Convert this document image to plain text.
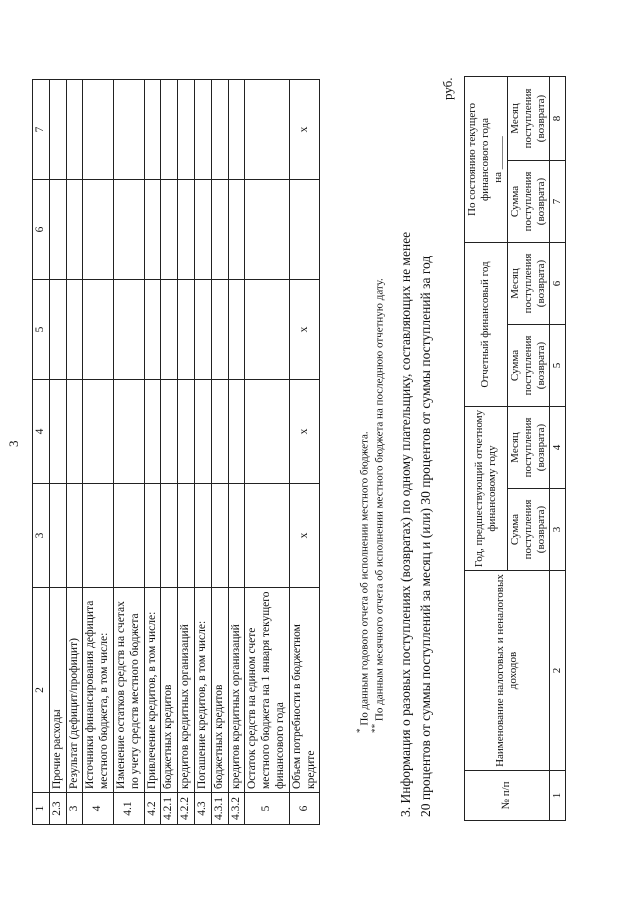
3
1	2	3	4	5	6	7
2.3	Прочие расходы					
3	Результат (дефицит/профицит)					
4	Источники финансирования дефицита местного бюджета, в том числе:					
4.1	Изменение остатков средств на счетах по учету средств местного бюджета					
4.2	Привлечение кредитов, в том числе:					
4.2.1	бюджетных кредитов					
4.2.2	кредитов кредитных организаций					
4.3	Погашение кредитов, в том числе:					
4.3.1	бюджетных кредитов					
4.3.2	кредитов кредитных организаций					
5	Остаток средств на едином счете местного бюджета на 1 января текущего финансового года					
6	Объем потребности в бюджетном кредите	x	x	x		x
* По данным годового отчета об исполнении местного бюджета.
** По данным месячного отчета об исполнении местного бюджета на последнюю отчетную дату. 3. Информация о разовых поступлениях (возвратах) по одному плательщику, составляющих не менее 20 процентов от суммы поступлений за месяц и (или) 30 процентов от суммы поступлений за год
руб.
№ п/п	Наименование налоговых и неналоговых доходов	Год, предшествующий отчетному финансовому году		Отчетный финансовый год		По состоянию текущего финансового года
на ______	
		Сумма поступления (возврата)	Месяц поступления (возврата)	Сумма поступления (возврата)	Месяц поступления (возврата)	Сумма поступления (возврата)	Месяц поступления (возврата)
1	2	3	4	5	6	7	8
